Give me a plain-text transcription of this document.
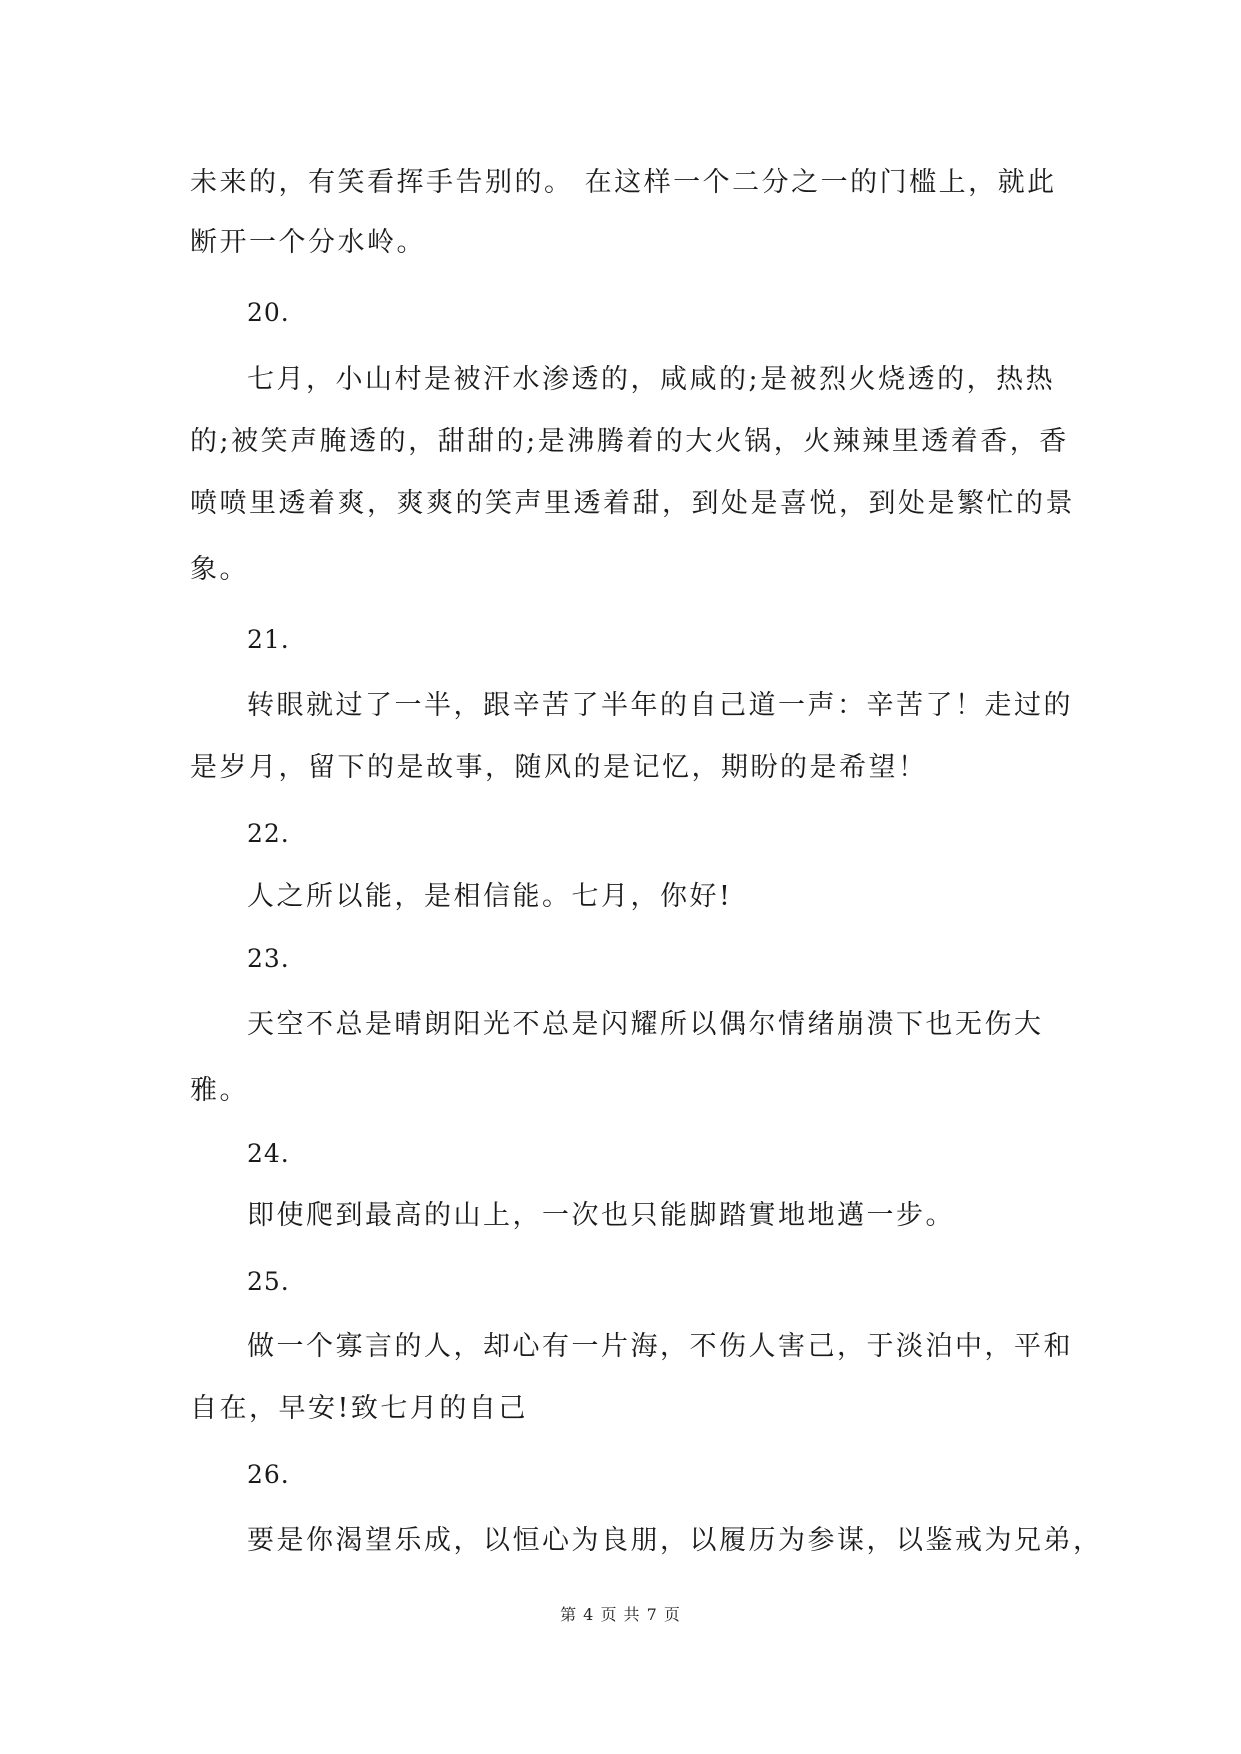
未来的，有笑看挥手告别的。 在这样一个二分之一的门槛上，就此
断开一个分水岭。
20.
七月，小山村是被汗水渗透的，咸咸的;是被烈火烧透的，热热
的;被笑声腌透的，甜甜的;是沸腾着的大火锅，火辣辣里透着香，香
喷喷里透着爽，爽爽的笑声里透着甜，到处是喜悦，到处是繁忙的景
象。
21.
转眼就过了一半，跟辛苦了半年的自己道一声：辛苦了！走过的
是岁月，留下的是故事，随风的是记忆，期盼的是希望！
22.
人之所以能，是相信能。七月，你好!
23.
天空不总是晴朗阳光不总是闪耀所以偶尔情绪崩溃下也无伤大
雅。
24.
即使爬到最高的山上，一次也只能脚踏實地地邁一步。
25.
做一个寡言的人，却心有一片海，不伤人害己，于淡泊中，平和
自在，早安!致七月的自己
26.
要是你渴望乐成，以恒心为良朋，以履历为参谋，以鉴戒为兄弟，
第 4 页 共 7 页
